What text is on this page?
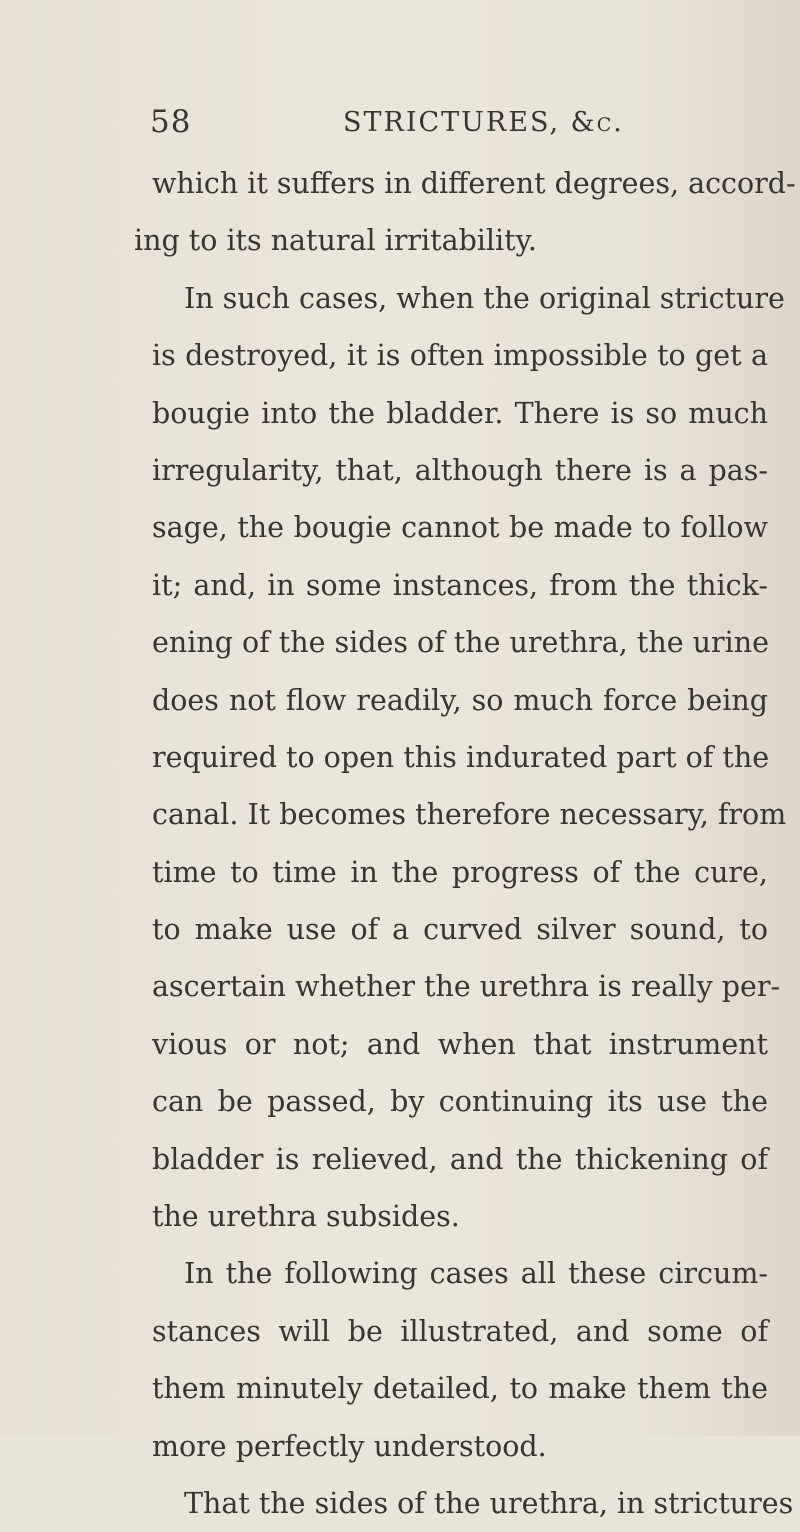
58	STRICTURES, &c.
which it suffers in different degrees, accord-
ing to its natural irritability.
In such cases, when the original stricture
is destroyed, it is often impossible to get a
bougie into the bladder. There is so much
irregularity, that, although there is a pas-
sage, the bougie cannot be made to follow
it; and, in some instances, from the thick-
ening of the sides of the urethra, the urine
does not flow readily, so much force being
required to open this indurated part of the
canal. It becomes therefore necessary, from
time to time in the progress of the cure,
to make use of a curved silver sound, to
ascertain whether the urethra is really per-
vious or not; and when that instrument
can be passed, by continuing its use the
bladder is relieved, and the thickening of
the urethra subsides.
In the following cases all these circum-
stances will be illustrated, and some of
them minutely detailed, to make them the
more perfectly understood.
That the sides of the urethra, in strictures
